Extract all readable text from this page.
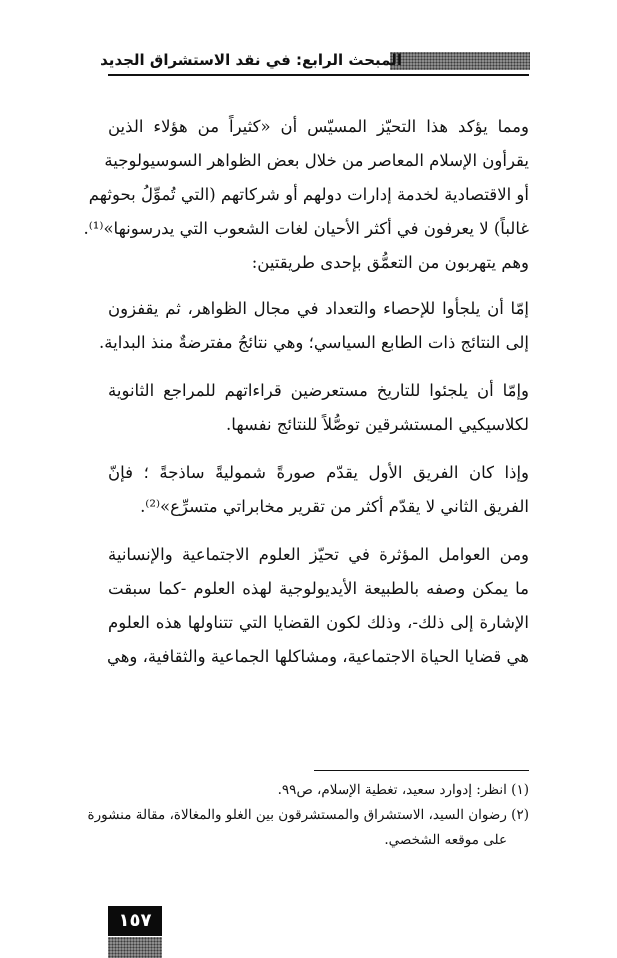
المبحث الرابع: في نقد الاستشراق الجديد
ومما يؤكد هذا التحيّز المسيّس أن «كثيراً من هؤلاء الذين
يقرأون الإسلام المعاصر من خلال بعض الظواهر السوسيولوجية
أو الاقتصادية لخدمة إدارات دولهم أو شركاتهم (التي تُموِّلُ بحوثهم
غالباً) لا يعرفون في أكثر الأحيان لغات الشعوب التي يدرسونها»⁽¹⁾.
وهم يتهربون من التعمُّق بإحدى طريقتين:
إمّا أن يلجأوا للإحصاء والتعداد في مجال الظواهر، ثم يقفزون
إلى النتائج ذات الطابع السياسي؛ وهي نتائجُ مفترضةٌ منذ البداية.
وإمّا أن يلجئوا للتاريخ مستعرضين قراءاتهم للمراجع الثانوية
لكلاسيكيي المستشرقين توصُّلاً للنتائج نفسها.
وإذا كان الفريق الأول يقدّم صورةً شموليةً ساذجةً ؛ فإنّ
الفريق الثاني لا يقدّم أكثر من تقرير مخابراتي متسرِّع»⁽²⁾.
ومن العوامل المؤثرة في تحيّز العلوم الاجتماعية والإنسانية
ما يمكن وصفه بالطبيعة الأيديولوجية لهذه العلوم -كما سبقت
الإشارة إلى ذلك-، وذلك لكون القضايا التي تتناولها هذه العلوم
هي قضايا الحياة الاجتماعية، ومشاكلها الجماعية والثقافية، وهي
(١) انظر: إدوارد سعيد، تغطية الإسلام، ص٩٩.
(٢) رضوان السيد، الاستشراق والمستشرقون بين الغلو والمغالاة، مقالة منشورة
على موقعه الشخصي.
١٥٧
